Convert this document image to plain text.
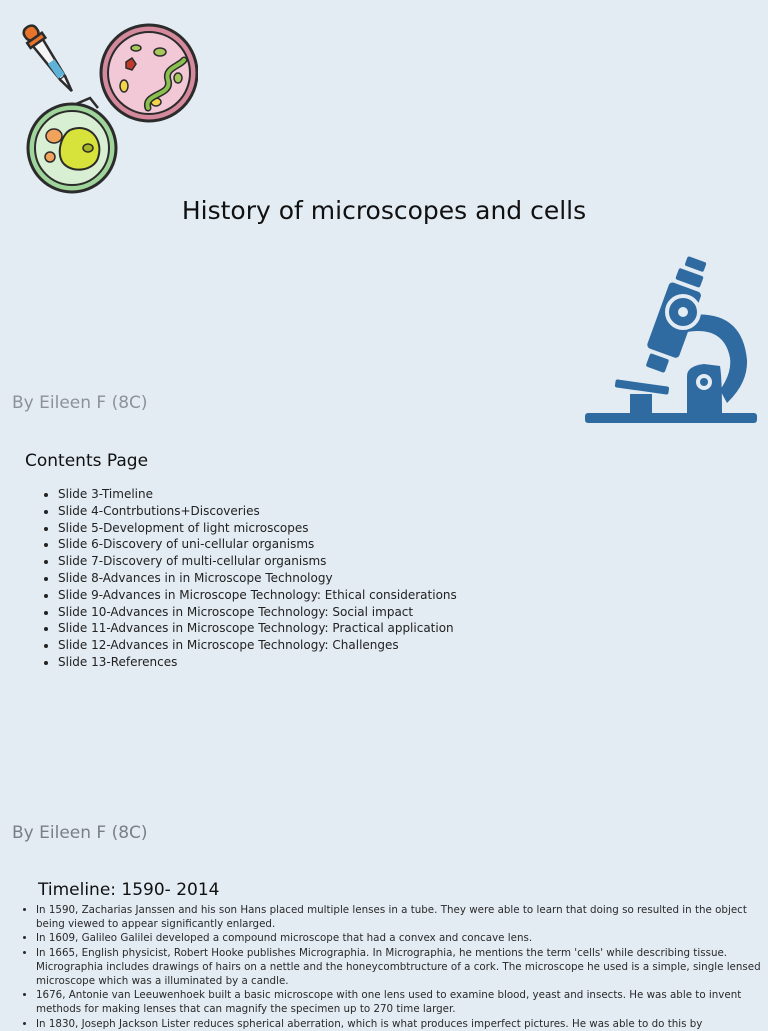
History of microscopes and cells
By Eileen F (8C)
Contents Page
• Slide 3-Timeline
• Slide 4-Contrbutions+Discoveries
• Slide 5-Development of light microscopes
• Slide 6-Discovery of uni-cellular organisms
• Slide 7-Discovery of multi-cellular organisms
• Slide 8-Advances in in Microscope Technology
• Slide 9-Advances in Microscope Technology: Ethical considerations
• Slide 10-Advances in Microscope Technology: Social impact
• Slide 11-Advances in Microscope Technology: Practical application
• Slide 12-Advances in Microscope Technology: Challenges
• Slide 13-References
By Eileen F (8C)
Timeline: 1590- 2014
• In 1590, Zacharias Janssen and his son Hans placed multiple lenses in a tube. They were able to learn that doing so resulted in the object being viewed to appear significantly enlarged.
• In 1609, Galileo Galilei developed a compound microscope that had a convex and concave lens.
• In 1665, English physicist, Robert Hooke publishes Micrographia. In Micrographia, he mentions the term 'cells' while describing tissue. Micrographia includes drawings of hairs on a nettle and the honeycombtructure of a cork. The microscope he used is a simple, single lensed microscope which was a illuminated by a candle.
• 1676, Antonie van Leeuwenhoek built a basic microscope with one lens used to examine blood, yeast and insects. He was able to invent methods for making lenses that can magnify the specimen up to 270 time larger.
• In 1830, Joseph Jackson Lister reduces spherical aberration, which is what produces imperfect pictures. He was able to do this by
